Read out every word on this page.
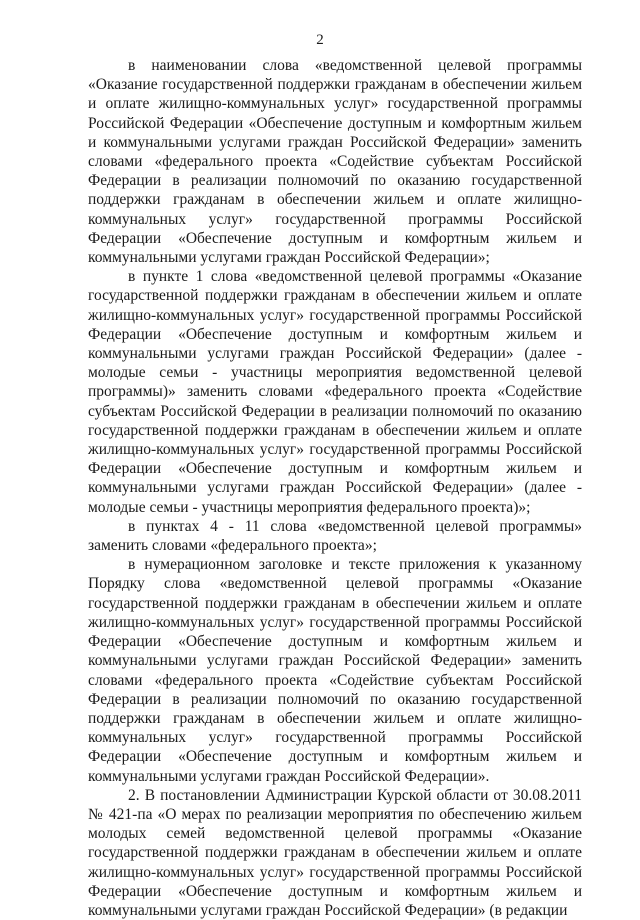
2

в наименовании слова «ведомственной целевой программы «Оказание государственной поддержки гражданам в обеспечении жильем и оплате жилищно-коммунальных услуг» государственной программы Российской Федерации «Обеспечение доступным и комфортным жильем и коммунальными услугами граждан Российской Федерации» заменить словами «федерального проекта «Содействие субъектам Российской Федерации в реализации полномочий по оказанию государственной поддержки гражданам в обеспечении жильем и оплате жилищно-коммунальных услуг» государственной программы Российской Федерации «Обеспечение доступным и комфортным жильем и коммунальными услугами граждан Российской Федерации»;

в пункте 1 слова «ведомственной целевой программы «Оказание государственной поддержки гражданам в обеспечении жильем и оплате жилищно-коммунальных услуг» государственной программы Российской Федерации «Обеспечение доступным и комфортным жильем и коммунальными услугами граждан Российской Федерации» (далее - молодые семьи - участницы мероприятия ведомственной целевой программы)» заменить словами «федерального проекта «Содействие субъектам Российской Федерации в реализации полномочий по оказанию государственной поддержки гражданам в обеспечении жильем и оплате жилищно-коммунальных услуг» государственной программы Российской Федерации «Обеспечение доступным и комфортным жильем и коммунальными услугами граждан Российской Федерации» (далее - молодые семьи - участницы мероприятия федерального проекта)»;

в пунктах 4 - 11 слова «ведомственной целевой программы» заменить словами «федерального проекта»;

в нумерационном заголовке и тексте приложения к указанному Порядку слова «ведомственной целевой программы «Оказание государственной поддержки гражданам в обеспечении жильем и оплате жилищно-коммунальных услуг» государственной программы Российской Федерации «Обеспечение доступным и комфортным жильем и коммунальными услугами граждан Российской Федерации» заменить словами «федерального проекта «Содействие субъектам Российской Федерации в реализации полномочий по оказанию государственной поддержки гражданам в обеспечении жильем и оплате жилищно-коммунальных услуг» государственной программы Российской Федерации «Обеспечение доступным и комфортным жильем и коммунальными услугами граждан Российской Федерации».

2. В постановлении Администрации Курской области от 30.08.2011 № 421-па «О мерах по реализации мероприятия по обеспечению жильем молодых семей ведомственной целевой программы «Оказание государственной поддержки гражданам в обеспечении жильем и оплате жилищно-коммунальных услуг» государственной программы Российской Федерации «Обеспечение доступным и комфортным жильем и коммунальными услугами граждан Российской Федерации» (в редакции
